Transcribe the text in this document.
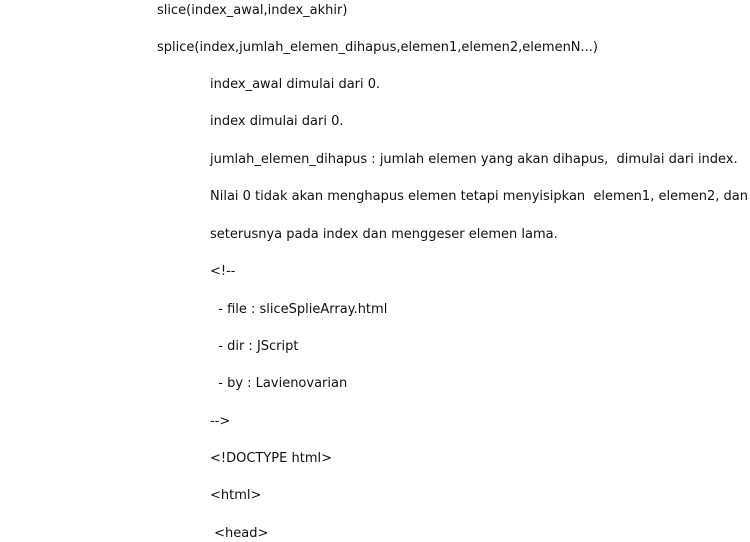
slice(index_awal,index_akhir)
splice(index,jumlah_elemen_dihapus,elemen1,elemen2,elemenN...)
index_awal dimulai dari 0.
index dimulai dari 0.
jumlah_elemen_dihapus : jumlah elemen yang akan dihapus,  dimulai dari index.
Nilai 0 tidak akan menghapus elemen tetapi menyisipkan  elemen1, elemen2, dan
seterusnya pada index dan menggeser elemen lama.
<!--
- file : sliceSplieArray.html
- dir : JScript
- by : Lavienovarian
-->
<!DOCTYPE html>
<html>
<head>
